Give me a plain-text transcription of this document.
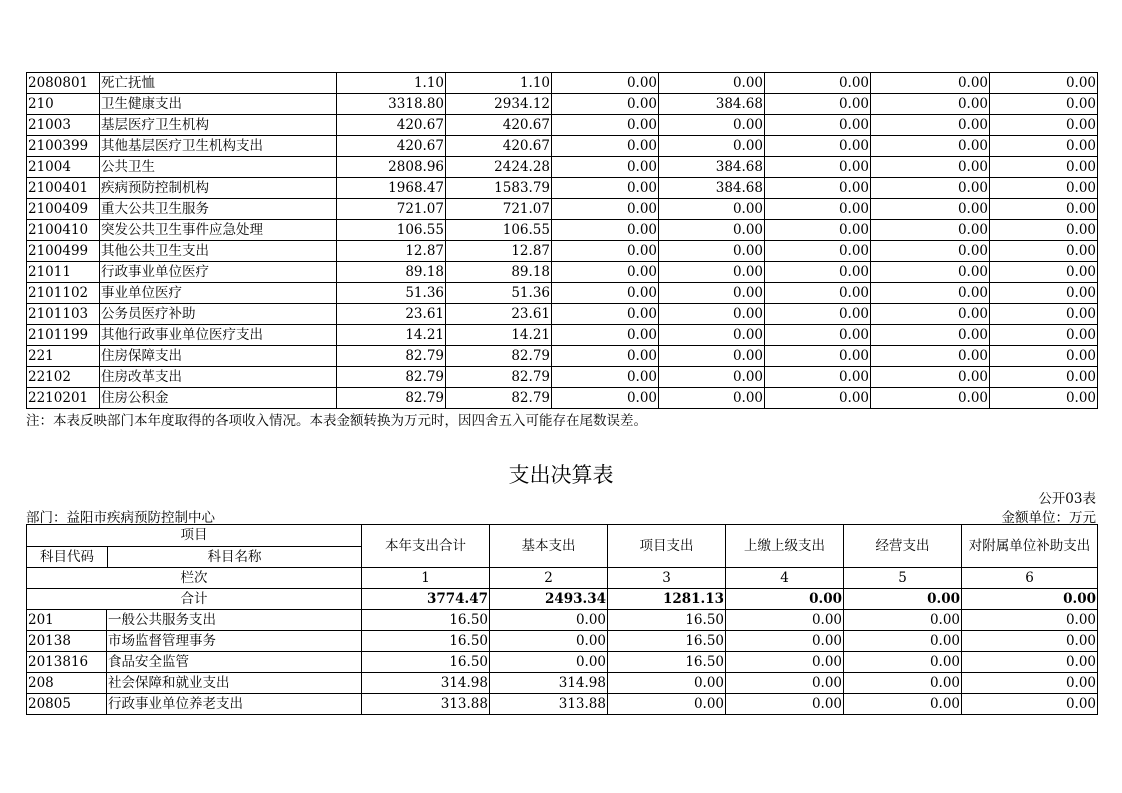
2080801	死亡抚恤	1.10	1.10	0.00	0.00	0.00	0.00	0.00
210	卫生健康支出	3318.80	2934.12	0.00	384.68	0.00	0.00	0.00
21003	基层医疗卫生机构	420.67	420.67	0.00	0.00	0.00	0.00	0.00
2100399	其他基层医疗卫生机构支出	420.67	420.67	0.00	0.00	0.00	0.00	0.00
21004	公共卫生	2808.96	2424.28	0.00	384.68	0.00	0.00	0.00
2100401	疾病预防控制机构	1968.47	1583.79	0.00	384.68	0.00	0.00	0.00
2100409	重大公共卫生服务	721.07	721.07	0.00	0.00	0.00	0.00	0.00
2100410	突发公共卫生事件应急处理	106.55	106.55	0.00	0.00	0.00	0.00	0.00
2100499	其他公共卫生支出	12.87	12.87	0.00	0.00	0.00	0.00	0.00
21011	行政事业单位医疗	89.18	89.18	0.00	0.00	0.00	0.00	0.00
2101102	事业单位医疗	51.36	51.36	0.00	0.00	0.00	0.00	0.00
2101103	公务员医疗补助	23.61	23.61	0.00	0.00	0.00	0.00	0.00
2101199	其他行政事业单位医疗支出	14.21	14.21	0.00	0.00	0.00	0.00	0.00
221	住房保障支出	82.79	82.79	0.00	0.00	0.00	0.00	0.00
22102	住房改革支出	82.79	82.79	0.00	0.00	0.00	0.00	0.00
2210201	住房公积金	82.79	82.79	0.00	0.00	0.00	0.00	0.00
注：本表反映部门本年度取得的各项收入情况。本表金额转换为万元时，因四舍五入可能存在尾数误差。
支出决算表
公开03表
部门：益阳市疾病预防控制中心	金额单位：万元
项目
科目代码 科目名称		本年支出合计	基本支出	项目支出	上缴上级支出	经营支出	对附属单位补助支出
栏次		1	2	3	4	5	6
合计		3774.47	2493.34	1281.13	0.00	0.00	0.00
201	一般公共服务支出	16.50	0.00	16.50	0.00	0.00	0.00
20138	市场监督管理事务	16.50	0.00	16.50	0.00	0.00	0.00
2013816	食品安全监管	16.50	0.00	16.50	0.00	0.00	0.00
208	社会保障和就业支出	314.98	314.98	0.00	0.00	0.00	0.00
20805	行政事业单位养老支出	313.88	313.88	0.00	0.00	0.00	0.00
